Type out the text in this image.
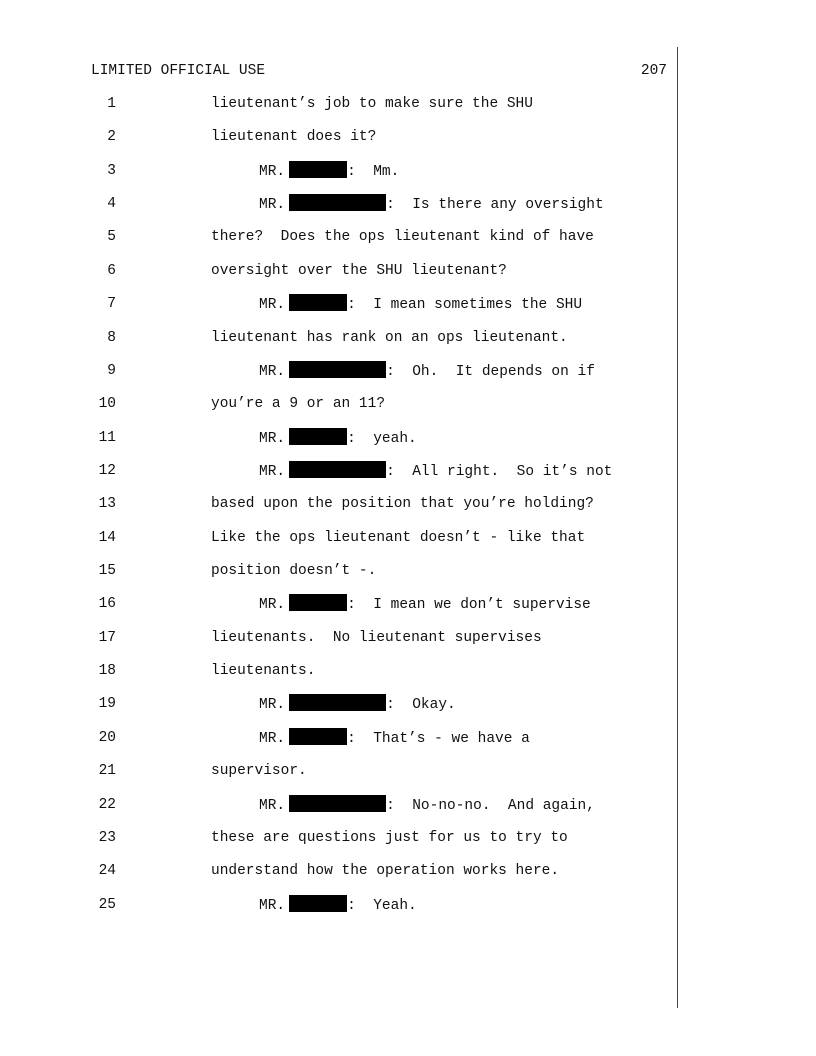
LIMITED OFFICIAL USE	207
1	lieutenant’s job to make sure the SHU
2	lieutenant does it?
3	MR.	:  Mm.
4	MR.	:  Is there any oversight
5	there?  Does the ops lieutenant kind of have
6	oversight over the SHU lieutenant?
7	MR.	:  I mean sometimes the SHU
8	lieutenant has rank on an ops lieutenant.
9	MR.	:  Oh.  It depends on if
10	you’re a 9 or an 11?
11	MR.	:  yeah.
12	MR.	:  All right.  So it’s not
13	based upon the position that you’re holding?
14	Like the ops lieutenant doesn’t - like that
15	position doesn’t -.
16	MR.	:  I mean we don’t supervise
17	lieutenants.  No lieutenant supervises
18	lieutenants.
19	MR.	:  Okay.
20	MR.	:  That’s - we have a
21	supervisor.
22	MR.	:  No-no-no.  And again,
23	these are questions just for us to try to
24	understand how the operation works here.
25	MR.	:  Yeah.
